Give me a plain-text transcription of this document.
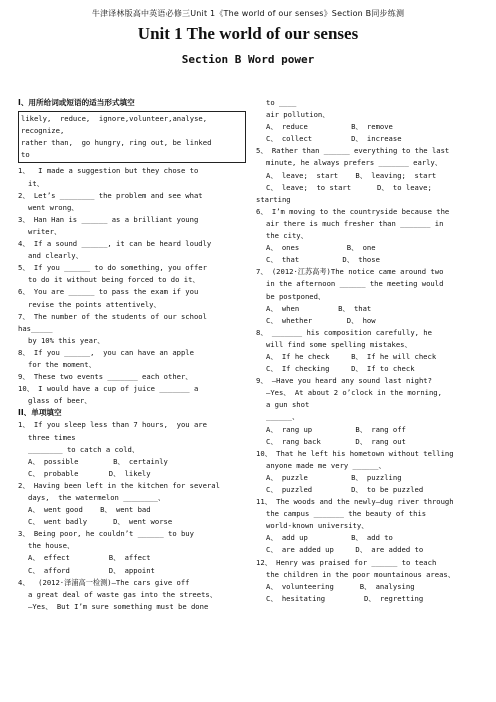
牛津译林版高中英语必修三Unit 1《The world of our senses》Section B同步练测
Unit 1 The world of our senses
Section B Word power
I、用所给词或短语的适当形式填空
likely,  reduce,  ignore,volunteer,analyse,
recognize,
rather than,  go hungry, ring out, be linked
to
1、  I made a suggestion but they chose to
it、
2、 Let’s ________ the problem and see what
went wrong、
3、 Han Han is ______ as a brilliant young
writer、
4、 If a sound ______, it can be heard loudly
and clearly、
5、 If you ______ to do something, you offer
to do it without being forced to do it、
6、 You are ______ to pass the exam if you
revise the points attentively、
7、 The number of the students of our school
has_____
by 10% this year、
8、 If you ______,  you can have an apple
for the moment、
9、 These two events _______ each other、
10、 I would have a cup of juice _______ a
glass of beer、
II、单项填空
1、 If you sleep less than 7 hours,  you are
three times
________ to catch a cold、
A、 possible        B、 certainly
C、 probable       D、 likely
2、 Having been left in the kitchen for several
days,  the watermelon ________、
A、 went good    B、 went bad
C、 went badly      D、 went worse
3、 Being poor, he couldn’t ______ to buy
the house、
A、 effect         B、 affect
C、 afford         D、 appoint
4、  (2012·泽浦高一检测)—The cars give off
a great deal of waste gas into the streets、
—Yes、 But I’m sure something must be done
to ____
air pollution、
A、 reduce          B、 remove
C、 collect         D、 increase
5、 Rather than ______ everything to the last
minute, he always prefers _______ early、
A、 leave;  start    B、 leaving;  start
C、 leave;  to start      D、 to leave;
starting
6、 I’m moving to the countryside because the
air there is much fresher than _______ in
the city、
A、 ones           B、 one
C、 that          D、 those
7、 (2012·江苏高考)The notice came around two
in the afternoon ______ the meeting would
be postponed、
A、 when         B、 that
C、 whether        D、 how
8、 _______ his composition carefully, he
will find some spelling mistakes、
A、 If he check     B、 If he will check
C、 If checking     D、 If to check
9、 —Have you heard any sound last night?
—Yes、 At about 2 o’clock in the morning,
a gun shot
______、
A、 rang up          B、 rang off
C、 rang back        D、 rang out
10、 That he left his hometown without telling
anyone made me very ______、
A、 puzzle          B、 puzzling
C、 puzzled         D、 to be puzzled
11、 The woods and the newly—dug river through
the campus _______ the beauty of this
world-known university、
A、 add up          B、 add to
C、 are added up     D、 are added to
12、 Henry was praised for ______ to teach
the children in the poor mountainous areas、
A、 volunteering      B、 analysing
C、 hesitating         D、 regretting
